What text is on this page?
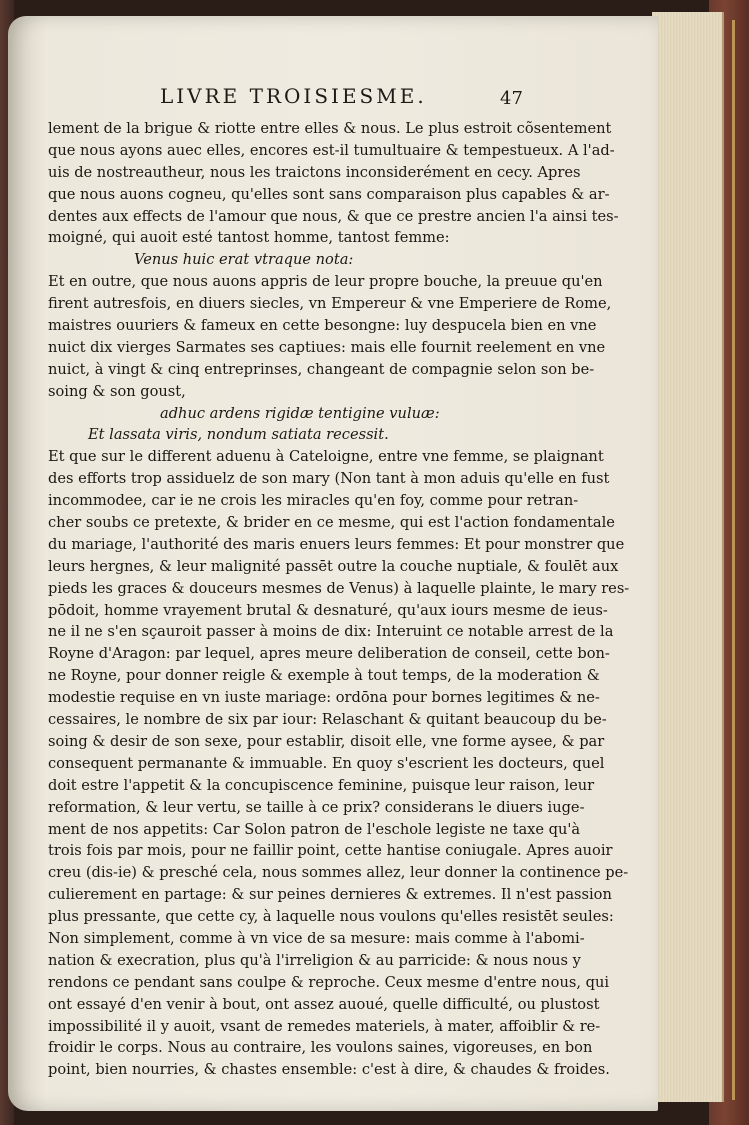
LIVRE TROISIESME.	47
lement de la brigue & riotte entre elles & nous. Le plus estroit cõsentement
que nous ayons auec elles, encores est-il tumultuaire & tempestueux. A l'ad-
uis de nostreautheur, nous les traictons inconsiderément en cecy. Apres
que nous auons cogneu, qu'elles sont sans comparaison plus capables & ar-
dentes aux effects de l'amour que nous, & que ce prestre ancien l'a ainsi tes-
moigné, qui auoit esté tantost homme, tantost femme:
Venus huic erat vtraque nota:
Et en outre, que nous auons appris de leur propre bouche, la preuue qu'en
firent autresfois, en diuers siecles, vn Empereur & vne Emperiere de Rome,
maistres ouuriers & fameux en cette besongne: luy despucela bien en vne
nuict dix vierges Sarmates ses captiues: mais elle fournit reelement en vne
nuict, à vingt & cinq entreprinses, changeant de compagnie selon son be-
soing & son goust,
adhuc ardens rigidæ tentigine vuluæ:
Et lassata viris, nondum satiata recessit.
Et que sur le different aduenu à Cateloigne, entre vne femme, se plaignant
des efforts trop assiduelz de son mary (Non tant à mon aduis qu'elle en fust
incommodee, car ie ne crois les miracles qu'en foy, comme pour retran-
cher soubs ce pretexte, & brider en ce mesme, qui est l'action fondamentale
du mariage, l'authorité des maris enuers leurs femmes: Et pour monstrer que
leurs hergnes, & leur malignité passēt outre la couche nuptiale, & foulēt aux
pieds les graces & douceurs mesmes de Venus) à laquelle plainte, le mary res-
pōdoit, homme vrayement brutal & desnaturé, qu'aux iours mesme de ieus-
ne il ne s'en sçauroit passer à moins de dix: Interuint ce notable arrest de la
Royne d'Aragon: par lequel, apres meure deliberation de conseil, cette bon-
ne Royne, pour donner reigle & exemple à tout temps, de la moderation &
modestie requise en vn iuste mariage: ordōna pour bornes legitimes & ne-
cessaires, le nombre de six par iour: Relaschant & quitant beaucoup du be-
soing & desir de son sexe, pour establir, disoit elle, vne forme aysee, & par
consequent permanante & immuable. En quoy s'escrient les docteurs, quel
doit estre l'appetit & la concupiscence feminine, puisque leur raison, leur
reformation, & leur vertu, se taille à ce prix? considerans le diuers iuge-
ment de nos appetits: Car Solon patron de l'eschole legiste ne taxe qu'à
trois fois par mois, pour ne faillir point, cette hantise coniugale. Apres auoir
creu (dis-ie) & presché cela, nous sommes allez, leur donner la continence pe-
culierement en partage: & sur peines dernieres & extremes. Il n'est passion
plus pressante, que cette cy, à laquelle nous voulons qu'elles resistēt seules:
Non simplement, comme à vn vice de sa mesure: mais comme à l'abomi-
nation & execration, plus qu'à l'irreligion & au parricide: & nous nous y
rendons ce pendant sans coulpe & reproche. Ceux mesme d'entre nous, qui
ont essayé d'en venir à bout, ont assez auoué, quelle difficulté, ou plustost
impossibilité il y auoit, vsant de remedes materiels, à mater, affoiblir & re-
froidir le corps. Nous au contraire, les voulons saines, vigoreuses, en bon
point, bien nourries, & chastes ensemble: c'est à dire, & chaudes & froides.
